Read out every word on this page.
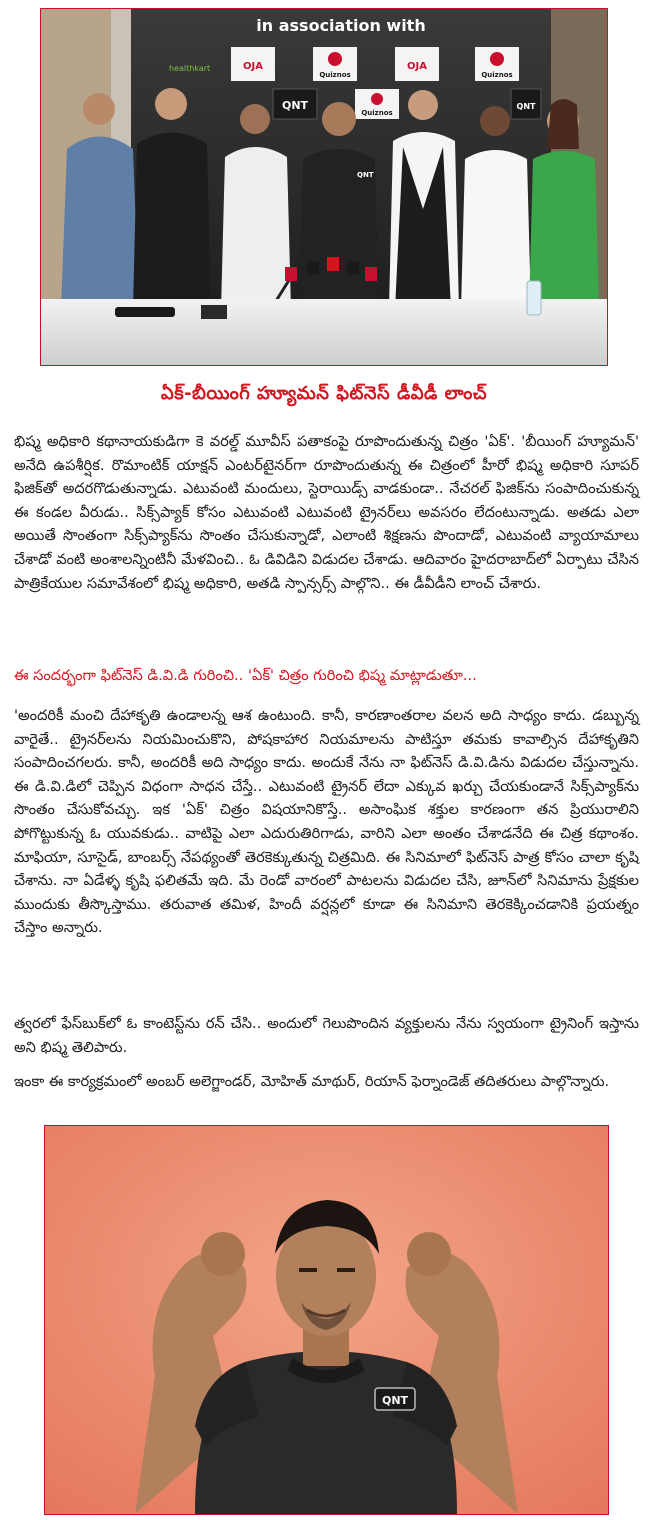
in association with
OJA
Quiznos
OJA
Quiznos
QNT
Quiznos
QNT
healthkart
QNT
ఏక్-బీయింగ్ హ్యూమన్ ఫిట్‌నెస్ డీవీడీ లాంచ్

భిష్మ అధికారి కథానాయకుడిగా కె వరల్డ్ మూవీస్ పతాకంపై రూపొందుతున్న చిత్రం 'ఏక్'. 'బీయింగ్ హ్యూమన్' అనేది ఉపశీర్షిక. రొమాంటిక్ యాక్షన్ ఎంటర్‌టైనర్‌గా రూపొందుతున్న ఈ చిత్రంలో హీరో భిష్మ అధికారి సూపర్ ఫిజిక్‌తో అదరగొడుతున్నాడు. ఎటువంటి మందులు, స్టెరాయిడ్స్ వాడకుండా.. నేచరల్ ఫిజిక్‌ను సంపాదించుకున్న ఈ కండల వీరుడు.. సిక్స్‌ప్యాక్ కోసం ఎటువంటి ఎటువంటి ట్రైనర్‌లు అవసరం లేదంటున్నాడు. అతడు ఎలా అయితే సొంతంగా సిక్స్‌ప్యాక్‌ను సొంతం చేసుకున్నాడో, ఎలాంటి శిక్షణను పొందాడో, ఎటువంటి వ్యాయామాలు చేశాడో వంటి అంశాలన్నింటినీ మేళవించి.. ఓ డివిడిని విడుదల చేశాడు. ఆదివారం హైదరాబాద్‌లో ఏర్పాటు చేసిన పాత్రికేయుల సమావేశంలో భిష్మ అధికారి, అతడి స్పాన్సర్స్ పాల్గొని.. ఈ డీవీడీని లాంచ్ చేశారు.

ఈ సందర్భంగా ఫిట్‌నెస్ డి.వి.డి గురించి.. 'ఏక్' చిత్రం గురించి భిష్మ మాట్లాడుతూ...

'అందరికీ మంచి దేహాకృతి ఉండాలన్న ఆశ ఉంటుంది. కానీ, కారణాంతరాల వలన అది సాధ్యం కాదు. డబ్బున్న వారైతే.. ట్రైనర్‌లను నియమించుకొని, పోషకాహార నియమాలను పాటిస్తూ తమకు కావాల్సిన దేహాకృతిని సంపాదించగలరు. కానీ, అందరికీ అది సాధ్యం కాదు. అందుకే నేను నా ఫిట్‌నెస్ డి.వి.డిను విడుదల చేస్తున్నాను. ఈ డి.వి.డిలో చెప్పిన విధంగా సాధన చేస్తే.. ఎటువంటి ట్రైనర్ లేదా ఎక్కువ ఖర్చు చేయకుండానే సిక్స్‌ప్యాక్‌ను సొంతం చేసుకోవచ్చు. ఇక 'ఏక్' చిత్రం విషయానికొస్తే.. అసాంఘిక శక్తుల కారణంగా తన ప్రియురాలిని పోగొట్టుకున్న ఓ యువకుడు.. వాటిపై ఎలా ఎదురుతిరిగాడు, వారిని ఎలా అంతం చేశాడనేది ఈ చిత్ర కథాంశం. మాఫియా, సూసైడ్, బాంబర్స్ నేపథ్యంతో తెరకెక్కుతున్న చిత్రమిది. ఈ సినిమాలో ఫిట్‌నెస్ పాత్ర కోసం చాలా కృషి చేశాను. నా ఏడేళ్ళ కృషి ఫలితమే ఇది. మే రెండో వారంలో పాటలను విడుదల చేసి, జూన్‌లో సినిమాను ప్రేక్షకుల ముందుకు తీస్కొస్తాము. తరువాత తమిళ, హిందీ వర్షన్లలో కూడా ఈ సినిమాని తెరకెక్కించడానికి ప్రయత్నం చేస్తాం అన్నారు.

త్వరలో ఫేస్‌బుక్‌లో ఓ కాంటెస్ట్‌ను రన్ చేసి.. అందులో గెలుపొందిన వ్యక్తులను నేను స్వయంగా ట్రైనింగ్ ఇస్తాను అని భిష్మ తెలిపారు.

ఇంకా ఈ కార్యక్రమంలో అంబర్ అలెగ్జాండర్, మోహిత్ మాథుర్, రియాన్ ఫెర్నాండెజ్ తదితరులు పాల్గొన్నారు.

QNT
